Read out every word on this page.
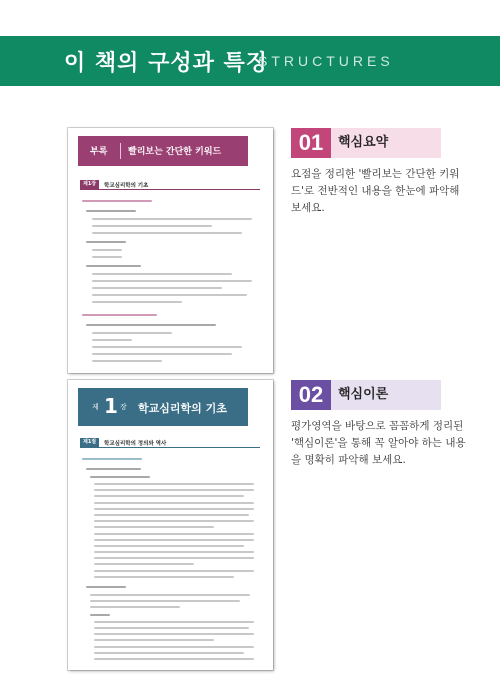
이 책의 구성과 특징
STRUCTURES
부록 빨리보는 간단한 키워드
제1장	학교심리학의 기초
제 1 장 학교심리학의 기초
제1절	학교심리학의 정의와 역사
01	핵심요약
요점을 정리한 '빨리보는 간단한 키워드'로 전반적인 내용을 한눈에 파악해 보세요.
02	핵심이론
평가영역을 바탕으로 꼼꼼하게 정리된 '핵심이론'을 통해 꼭 알아야 하는 내용을 명확히 파악해 보세요.
